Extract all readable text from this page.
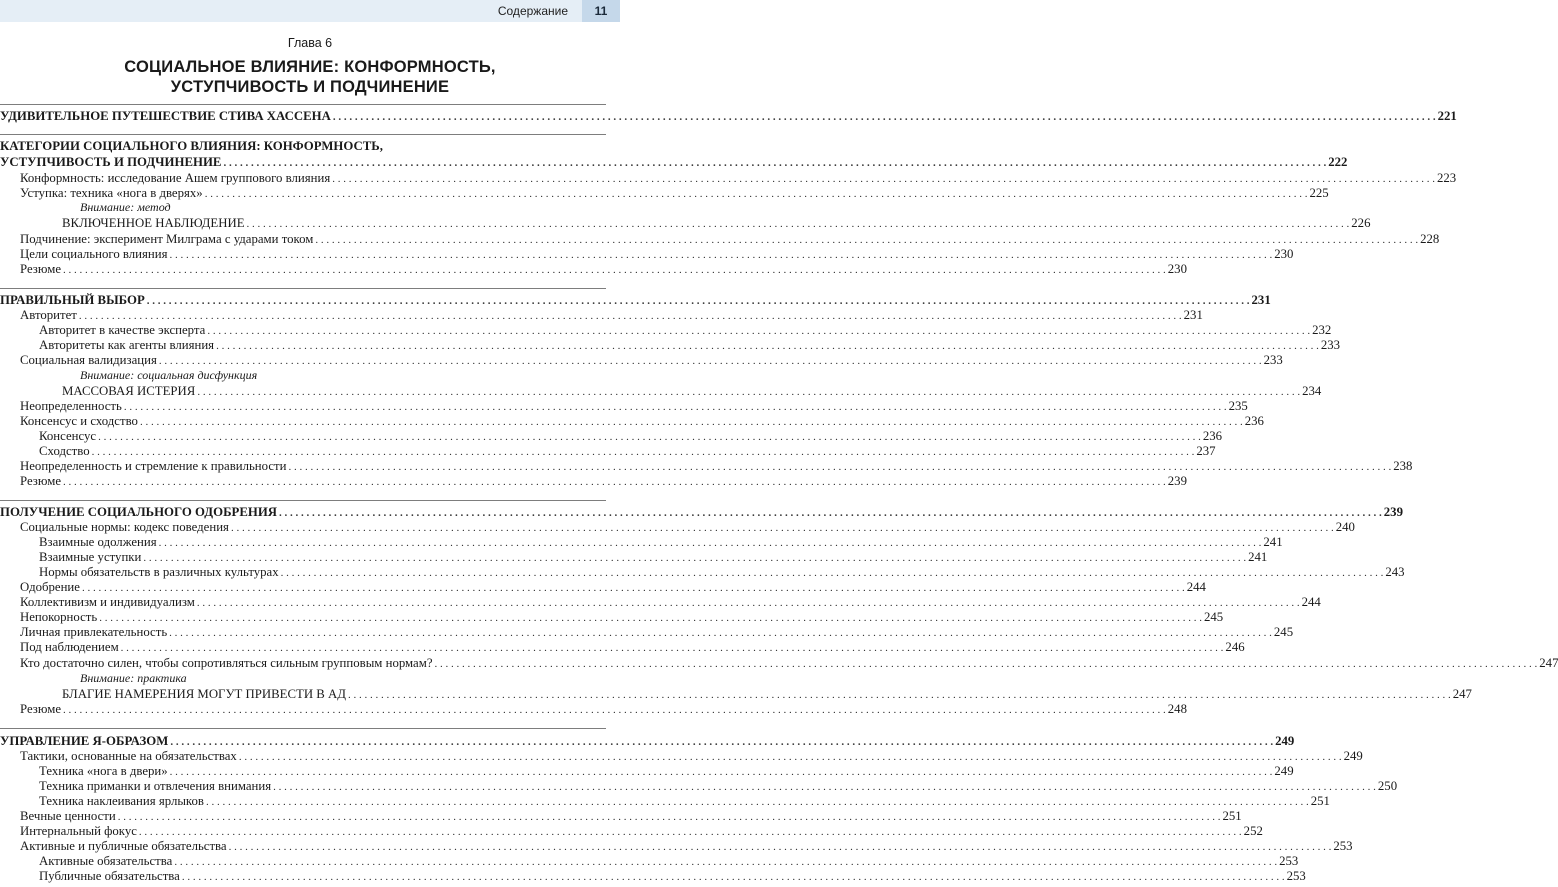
Содержание	11
Глава 6
СОЦИАЛЬНОЕ ВЛИЯНИЕ: КОНФОРМНОСТЬ,
УСТУПЧИВОСТЬ И ПОДЧИНЕНИЕ
УДИВИТЕЛЬНОЕ ПУТЕШЕСТВИЕ СТИВА ХАССЕНА . . .	221
КАТЕГОРИИ СОЦИАЛЬНОГО ВЛИЯНИЯ: КОНФОРМНОСТЬ,
УСТУПЧИВОСТЬ И ПОДЧИНЕНИЕ . . .	222
Конформность: исследование Ашем группового влияния . . .	223
Уступка: техника «нога в дверях» . . .	225
Внимание: метод
ВКЛЮЧЕННОЕ НАБЛЮДЕНИЕ . . .	226
Подчинение: эксперимент Милграма с ударами током . . .	228
Цели социального влияния . . .	230
Резюме . . .	230
ПРАВИЛЬНЫЙ ВЫБОР . . .	231
Авторитет . . .	231
Авторитет в качестве эксперта . . .	232
Авторитеты как агенты влияния . . .	233
Социальная валидизация . . .	233
Внимание: социальная дисфункция
МАССОВАЯ ИСТЕРИЯ . . .	234
Неопределенность . . .	235
Консенсус и сходство . . .	236
Консенсус . . .	236
Сходство . . .	237
Неопределенность и стремление к правильности . . .	238
Резюме . . .	239
ПОЛУЧЕНИЕ СОЦИАЛЬНОГО ОДОБРЕНИЯ . . .	239
Социальные нормы: кодекс поведения . . .	240
Взаимные одолжения . . .	241
Взаимные уступки . . .	241
Нормы обязательств в различных культурах . . .	243
Одобрение . . .	244
Коллективизм и индивидуализм . . .	244
Непокорность . . .	245
Личная привлекательность . . .	245
Под наблюдением . . .	246
Кто достаточно силен, чтобы сопротивляться сильным групповым нормам? . . .	247
Внимание: практика
БЛАГИЕ НАМЕРЕНИЯ МОГУТ ПРИВЕСТИ В АД . . .	247
Резюме . . .	248
УПРАВЛЕНИЕ Я-ОБРАЗОМ . . .	249
Тактики, основанные на обязательствах . . .	249
Техника «нога в двери» . . .	249
Техника приманки и отвлечения внимания . . .	250
Техника наклеивания ярлыков . . .	251
Вечные ценности . . .	251
Интернальный фокус . . .	252
Активные и публичные обязательства . . .	253
Активные обязательства . . .	253
Публичные обязательства . . .	253
